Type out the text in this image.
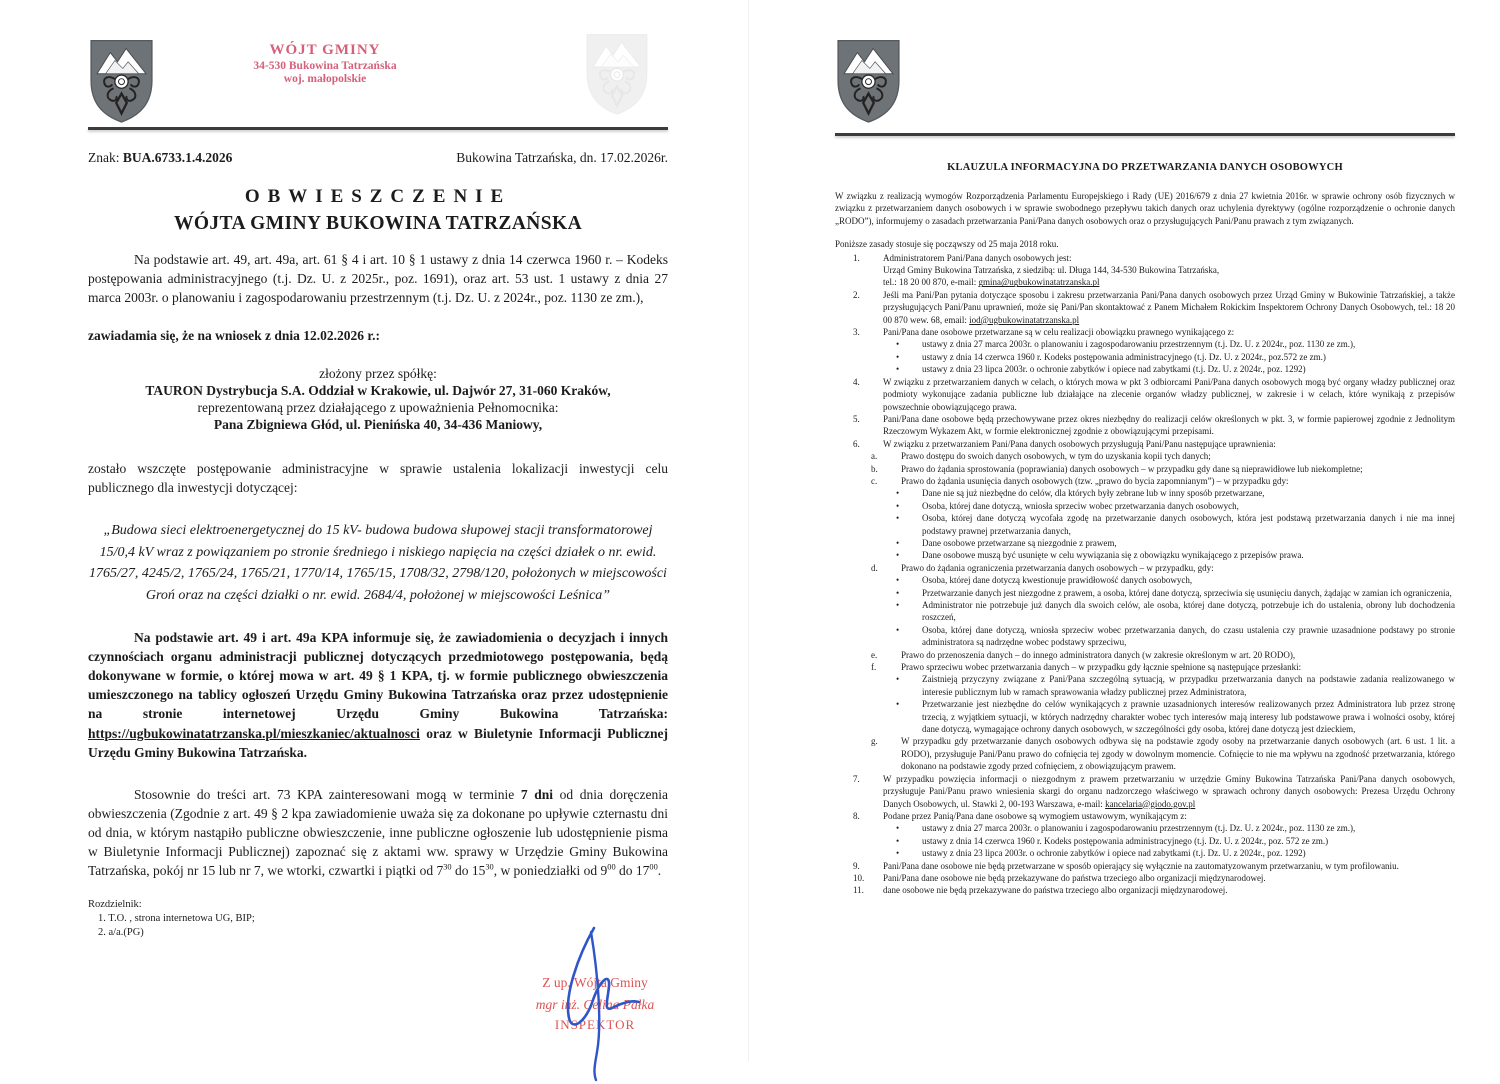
WÓJT GMINY
34-530 Bukowina Tatrzańska
woj. małopolskie
Znak: BUA.6733.1.4.2026	Bukowina Tatrzańska, dn. 17.02.2026r.
OBWIESZCZENIE
WÓJTA GMINY BUKOWINA TATRZAŃSKA
Na podstawie art. 49, art. 49a, art. 61 § 4 i art. 10 § 1 ustawy z dnia 14 czerwca 1960 r. – Kodeks postępowania administracyjnego (t.j. Dz. U. z 2025r., poz. 1691), oraz art. 53 ust. 1 ustawy z dnia 27 marca 2003r. o planowaniu i zagospodarowaniu przestrzennym (t.j. Dz. U. z 2024r., poz. 1130 ze zm.),
zawiadamia się, że na wniosek z dnia 12.02.2026 r.:
złożony przez spółkę:
TAURON Dystrybucja S.A. Oddział w Krakowie, ul. Dajwór 27, 31-060 Kraków,
reprezentowaną przez działającego z upoważnienia Pełnomocnika:
Pana Zbigniewa Głód, ul. Pienińska 40, 34-436 Maniowy,
zostało wszczęte postępowanie administracyjne w sprawie ustalenia lokalizacji inwestycji celu publicznego dla inwestycji dotyczącej:
„Budowa sieci elektroenergetycznej do 15 kV- budowa budowa słupowej stacji transformatorowej 15/0,4 kV wraz z powiązaniem po stronie średniego i niskiego napięcia na części działek o nr. ewid. 1765/27, 4245/2, 1765/24, 1765/21, 1770/14, 1765/15, 1708/32, 2798/120, położonych w miejscowości Groń oraz na części działki o nr. ewid. 2684/4, położonej w miejscowości Leśnica”
Na podstawie art. 49 i art. 49a KPA informuje się, że zawiadomienia o decyzjach i innych czynnościach organu administracji publicznej dotyczących przedmiotowego postępowania, będą dokonywane w formie, o której mowa w art. 49 § 1 KPA, tj. w formie publicznego obwieszczenia umieszczonego na tablicy ogłoszeń Urzędu Gminy Bukowina Tatrzańska oraz przez udostępnienie na stronie internetowej Urzędu Gminy Bukowina Tatrzańska: https://ugbukowinatatrzanska.pl/mieszkaniec/aktualnosci oraz w Biuletynie Informacji Publicznej Urzędu Gminy Bukowina Tatrzańska.
Stosownie do treści art. 73 KPA zainteresowani mogą w terminie 7 dni od dnia doręczenia obwieszczenia (Zgodnie z art. 49 § 2 kpa zawiadomienie uważa się za dokonane po upływie czternastu dni od dnia, w którym nastąpiło publiczne obwieszczenie, inne publiczne ogłoszenie lub udostępnienie pisma w Biuletynie Informacji Publicznej) zapoznać się z aktami ww. sprawy w Urzędzie Gminy Bukowina Tatrzańska, pokój nr 15 lub nr 7, we wtorki, czwartki i piątki od $7^{30}$ do $15^{30}$, w poniedziałki od $9^{00}$ do $17^{00}$.
Rozdzielnik:
1. T.O. , strona internetowa UG, BIP;
2. a/a.(PG)
Z up. Wójta Gminy
mgr inż. Celina Pałka
INSPEKTOR
KLAUZULA INFORMACYJNA DO PRZETWARZANIA DANYCH OSOBOWYCH
W związku z realizacją wymogów Rozporządzenia Parlamentu Europejskiego i Rady (UE) 2016/679 z dnia 27 kwietnia 2016r. w sprawie ochrony osób fizycznych w związku z przetwarzaniem danych osobowych i w sprawie swobodnego przepływu takich danych oraz uchylenia dyrektywy (ogólne rozporządzenie o ochronie danych „RODO”), informujemy o zasadach przetwarzania Pani/Pana danych osobowych oraz o przysługujących Pani/Panu prawach z tym związanych.
Poniższe zasady stosuje się począwszy od 25 maja 2018 roku.
1.	Administratorem Pani/Pana danych osobowych jest:
Urząd Gminy Bukowina Tatrzańska, z siedzibą: ul. Długa 144, 34-530 Bukowina Tatrzańska,
tel.: 18 20 00 870, e-mail: gmina@ugbukowinatatrzanska.pl
2.	Jeśli ma Pani/Pan pytania dotyczące sposobu i zakresu przetwarzania Pani/Pana danych osobowych przez Urząd Gminy w Bukowinie Tatrzańskiej, a także przysługujących Pani/Panu uprawnień, może się Pani/Pan skontaktować z Panem Michałem Rokickim Inspektorem Ochrony Danych Osobowych, tel.: 18 20 00 870 wew. 68, email: iod@ugbukowinatatrzanska.pl
3.	Pani/Pana dane osobowe przetwarzane są w celu realizacji obowiązku prawnego wynikającego z:
•	ustawy z dnia 27 marca 2003r. o planowaniu i zagospodarowaniu przestrzennym (t.j. Dz. U. z 2024r., poz. 1130 ze zm.),
•	ustawy z dnia 14 czerwca 1960 r. Kodeks postępowania administracyjnego (t.j. Dz. U. z 2024r., poz.572 ze zm.)
•	ustawy z dnia 23 lipca 2003r. o ochronie zabytków i opiece nad zabytkami (t.j. Dz. U. z 2024r., poz. 1292)
4.	W związku z przetwarzaniem danych w celach, o których mowa w pkt 3 odbiorcami Pani/Pana danych osobowych mogą być organy władzy publicznej oraz podmioty wykonujące zadania publiczne lub działające na zlecenie organów władzy publicznej, w zakresie i w celach, które wynikają z przepisów powszechnie obowiązującego prawa.
5.	Pani/Pana dane osobowe będą przechowywane przez okres niezbędny do realizacji celów określonych w pkt. 3, w formie papierowej zgodnie z Jednolitym Rzeczowym Wykazem Akt, w formie elektronicznej zgodnie z obowiązującymi przepisami.
6.	W związku z przetwarzaniem Pani/Pana danych osobowych przysługują Pani/Panu następujące uprawnienia:
a.	Prawo dostępu do swoich danych osobowych, w tym do uzyskania kopii tych danych;
b.	Prawo do żądania sprostowania (poprawiania) danych osobowych – w przypadku gdy dane są nieprawidłowe lub niekompletne;
c.	Prawo do żądania usunięcia danych osobowych (tzw. „prawo do bycia zapomnianym”) – w przypadku gdy:
•	Dane nie są już niezbędne do celów, dla których były zebrane lub w inny sposób przetwarzane,
•	Osoba, której dane dotyczą, wniosła sprzeciw wobec przetwarzania danych osobowych,
•	Osoba, której dane dotyczą wycofała zgodę na przetwarzanie danych osobowych, która jest podstawą przetwarzania danych i nie ma innej podstawy prawnej przetwarzania danych,
•	Dane osobowe przetwarzane są niezgodnie z prawem,
•	Dane osobowe muszą być usunięte w celu wywiązania się z obowiązku wynikającego z przepisów prawa.
d.	Prawo do żądania ograniczenia przetwarzania danych osobowych – w przypadku, gdy:
•	Osoba, której dane dotyczą kwestionuje prawidłowość danych osobowych,
•	Przetwarzanie danych jest niezgodne z prawem, a osoba, której dane dotyczą, sprzeciwia się usunięciu danych, żądając w zamian ich ograniczenia,
•	Administrator nie potrzebuje już danych dla swoich celów, ale osoba, której dane dotyczą, potrzebuje ich do ustalenia, obrony lub dochodzenia roszczeń,
•	Osoba, której dane dotyczą, wniosła sprzeciw wobec przetwarzania danych, do czasu ustalenia czy prawnie uzasadnione podstawy po stronie administratora są nadrzędne wobec podstawy sprzeciwu,
e.	Prawo do przenoszenia danych – do innego administratora danych (w zakresie określonym w art. 20 RODO),
f.	Prawo sprzeciwu wobec przetwarzania danych – w przypadku gdy łącznie spełnione są następujące przesłanki:
•	Zaistnieją przyczyny związane z Pani/Pana szczególną sytuacją, w przypadku przetwarzania danych na podstawie zadania realizowanego w interesie publicznym lub w ramach sprawowania władzy publicznej przez Administratora,
•	Przetwarzanie jest niezbędne do celów wynikających z prawnie uzasadnionych interesów realizowanych przez Administratora lub przez stronę trzecią, z wyjątkiem sytuacji, w których nadrzędny charakter wobec tych interesów mają interesy lub podstawowe prawa i wolności osoby, której dane dotyczą, wymagające ochrony danych osobowych, w szczególności gdy osoba, której dane dotyczą jest dzieckiem,
g.	W przypadku gdy przetwarzanie danych osobowych odbywa się na podstawie zgody osoby na przetwarzanie danych osobowych (art. 6 ust. 1 lit. a RODO), przysługuje Pani/Panu prawo do cofnięcia tej zgody w dowolnym momencie. Cofnięcie to nie ma wpływu na zgodność przetwarzania, którego dokonano na podstawie zgody przed cofnięciem, z obowiązującym prawem.
7.	W przypadku powzięcia informacji o niezgodnym z prawem przetwarzaniu w urzędzie Gminy Bukowina Tatrzańska Pani/Pana danych osobowych, przysługuje Pani/Panu prawo wniesienia skargi do organu nadzorczego właściwego w sprawach ochrony danych osobowych: Prezesa Urzędu Ochrony Danych Osobowych, ul. Stawki 2, 00-193 Warszawa, e-mail: kancelaria@giodo.gov.pl
8.	Podane przez Panią/Pana dane osobowe są wymogiem ustawowym, wynikającym z:
•	ustawy z dnia 27 marca 2003r. o planowaniu i zagospodarowaniu przestrzennym (t.j. Dz. U. z 2024r., poz. 1130 ze zm.),
•	ustawy z dnia 14 czerwca 1960 r. Kodeks postępowania administracyjnego (t.j. Dz. U. z 2024r., poz. 572 ze zm.)
•	ustawy z dnia 23 lipca 2003r. o ochronie zabytków i opiece nad zabytkami (t.j. Dz. U. z 2024r., poz. 1292)
9.	Pani/Pana dane osobowe nie będą przetwarzane w sposób opierający się wyłącznie na zautomatyzowanym przetwarzaniu, w tym profilowaniu.
10. Pani/Pana dane osobowe nie będą przekazywane do państwa trzeciego albo organizacji międzynarodowej.
11. dane osobowe nie będą przekazywane do państwa trzeciego albo organizacji międzynarodowej.
